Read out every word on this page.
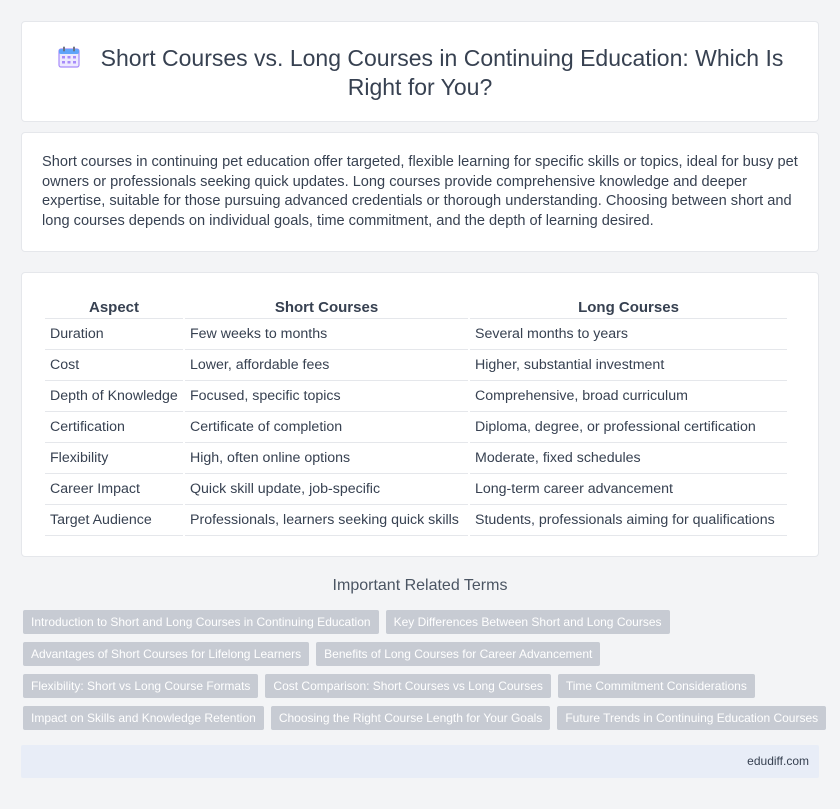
Short Courses vs. Long Courses in Continuing Education: Which Is Right for You?

Short courses in continuing pet education offer targeted, flexible learning for specific skills or topics, ideal for busy pet owners or professionals seeking quick updates. Long courses provide comprehensive knowledge and deeper expertise, suitable for those pursuing advanced credentials or thorough understanding. Choosing between short and long courses depends on individual goals, time commitment, and the depth of learning desired.

Aspect	Short Courses	Long Courses
Duration	Few weeks to months	Several months to years
Cost	Lower, affordable fees	Higher, substantial investment
Depth of Knowledge	Focused, specific topics	Comprehensive, broad curriculum
Certification	Certificate of completion	Diploma, degree, or professional certification
Flexibility	High, often online options	Moderate, fixed schedules
Career Impact	Quick skill update, job-specific	Long-term career advancement
Target Audience	Professionals, learners seeking quick skills	Students, professionals aiming for qualifications
Important Related Terms
Introduction to Short and Long Courses in Continuing Education	Key Differences Between Short and Long Courses
Advantages of Short Courses for Lifelong Learners	Benefits of Long Courses for Career Advancement
Flexibility: Short vs Long Course Formats	Cost Comparison: Short Courses vs Long Courses	Time Commitment Considerations
Impact on Skills and Knowledge Retention	Choosing the Right Course Length for Your Goals	Future Trends in Continuing Education Courses
edudiff.com
